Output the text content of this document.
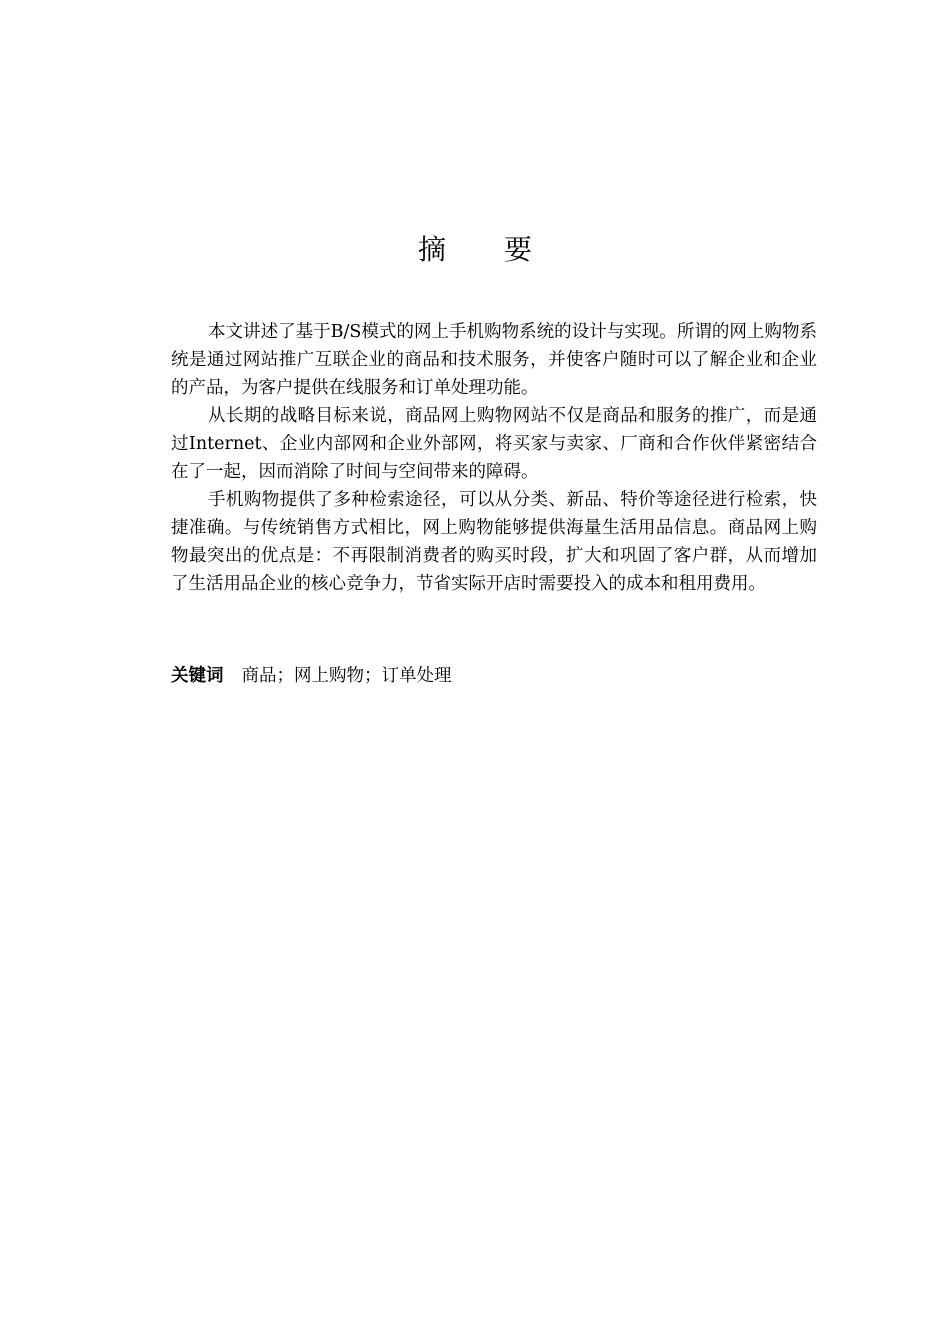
摘 要

本文讲述了基于B/S模式的网上手机购物系统的设计与实现。所谓的网上购物系统是通过网站推广互联企业的商品和技术服务，并使客户随时可以了解企业和企业的产品，为客户提供在线服务和订单处理功能。

从长期的战略目标来说，商品网上购物网站不仅是商品和服务的推广，而是通过Internet、企业内部网和企业外部网，将买家与卖家、厂商和合作伙伴紧密结合在了一起，因而消除了时间与空间带来的障碍。

手机购物提供了多种检索途径，可以从分类、新品、特价等途径进行检索，快捷准确。与传统销售方式相比，网上购物能够提供海量生活用品信息。商品网上购物最突出的优点是：不再限制消费者的购买时段，扩大和巩固了客户群，从而增加了生活用品企业的核心竞争力，节省实际开店时需要投入的成本和租用费用。

关键词 商品；网上购物；订单处理
